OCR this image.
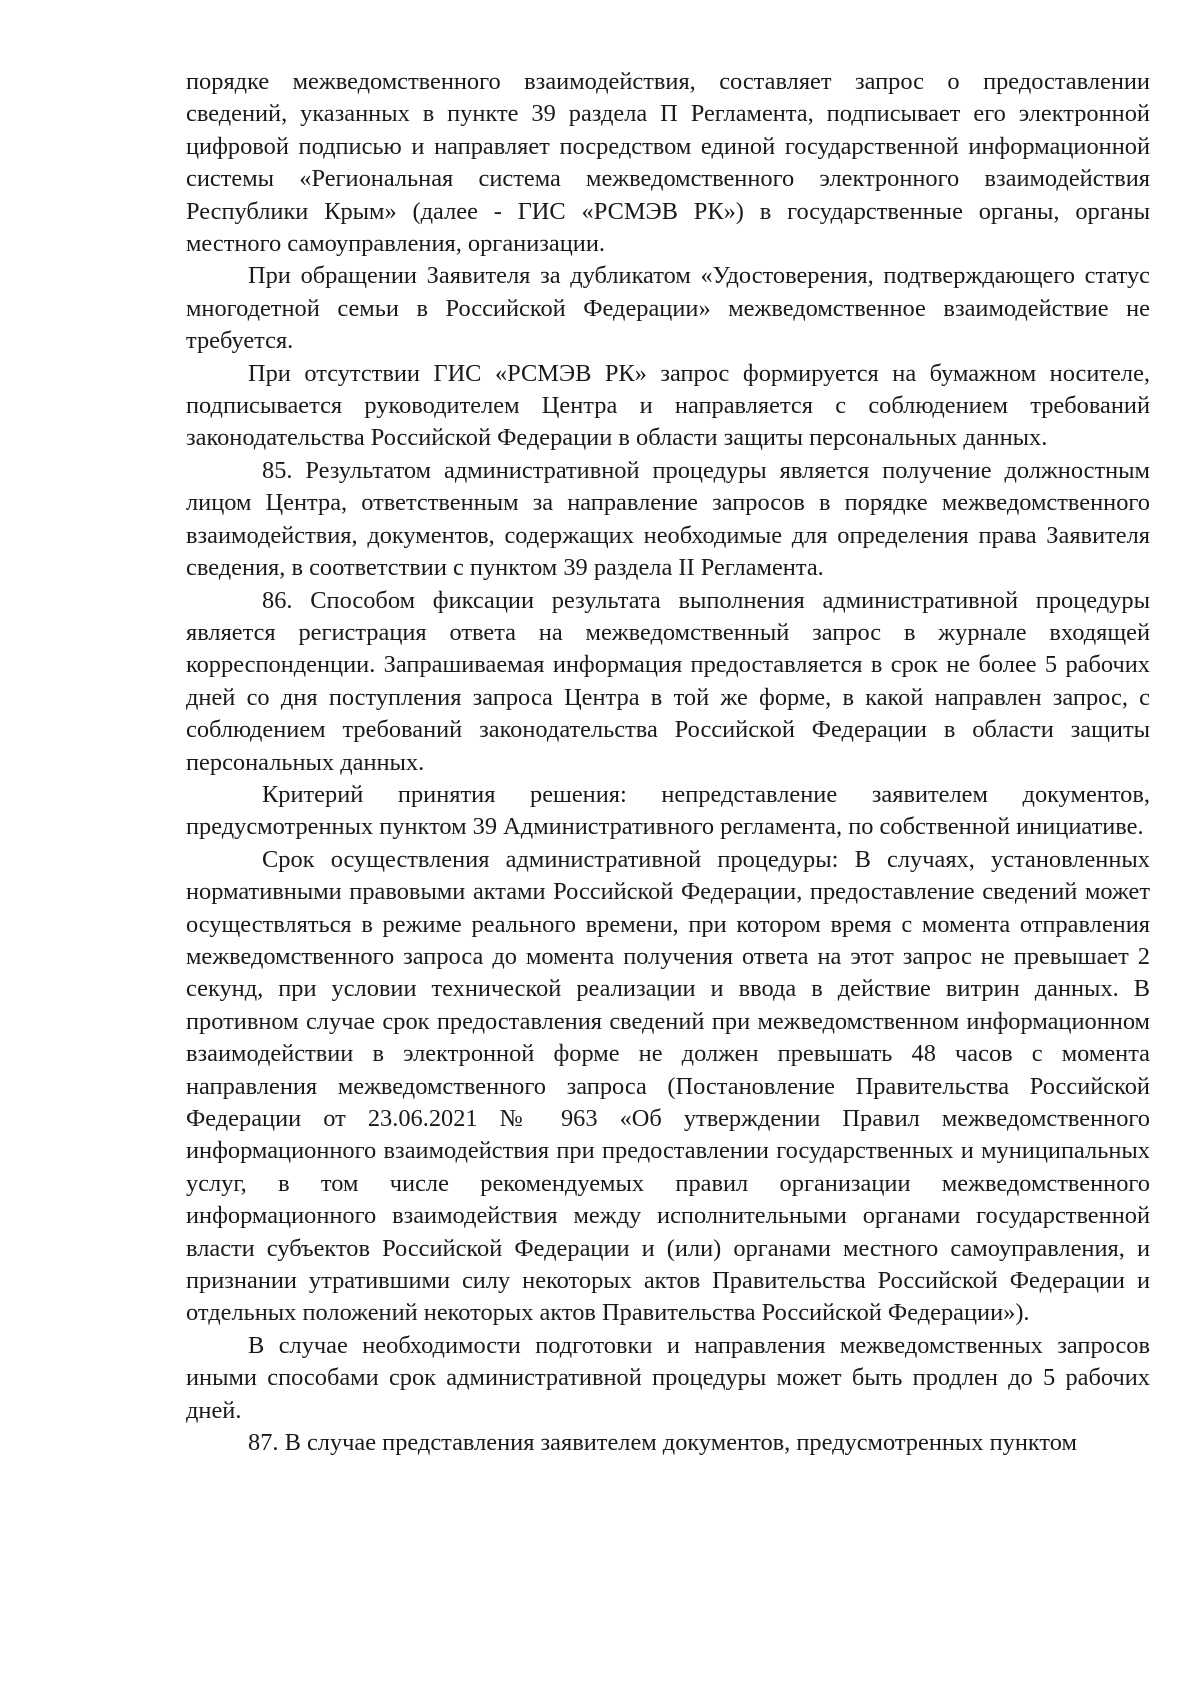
порядке межведомственного взаимодействия, составляет запрос о предоставлении сведений, указанных в пункте 39 раздела П Регламента, подписывает его электронной цифровой подписью и направляет посредством единой государственной информационной системы «Региональная система межведомственного электронного взаимодействия Республики Крым» (далее - ГИС «РСМЭВ РК») в государственные органы, органы местного самоуправления, организации.

При обращении Заявителя за дубликатом «Удостоверения, подтверждающего статус многодетной семьи в Российской Федерации» межведомственное взаимодействие не требуется.

При отсутствии ГИС «РСМЭВ РК» запрос формируется на бумажном носителе, подписывается руководителем Центра и направляется с соблюдением требований законодательства Российской Федерации в области защиты персональных данных.

85. Результатом административной процедуры является получение должностным лицом Центра, ответственным за направление запросов в порядке межведомственного взаимодействия, документов, содержащих необходимые для определения права Заявителя сведения, в соответствии с пунктом 39 раздела II Регламента.

86. Способом фиксации результата выполнения административной процедуры является регистрация ответа на межведомственный запрос в журнале входящей корреспонденции. Запрашиваемая информация предоставляется в срок не более 5 рабочих дней со дня поступления запроса Центра в той же форме, в какой направлен запрос, с соблюдением требований законодательства Российской Федерации в области защиты персональных данных.

Критерий принятия решения: непредставление заявителем документов, предусмотренных пунктом 39 Административного регламента, по собственной инициативе.

Срок осуществления административной процедуры: В случаях, установленных нормативными правовыми актами Российской Федерации, предоставление сведений может осуществляться в режиме реального времени, при котором время с момента отправления межведомственного запроса до момента получения ответа на этот запрос не превышает 2 секунд, при условии технической реализации и ввода в действие витрин данных. В противном случае срок предоставления сведений при межведомственном информационном взаимодействии в электронной форме не должен превышать 48 часов с момента направления межведомственного запроса (Постановление Правительства Российской Федерации от 23.06.2021 № 963 «Об утверждении Правил межведомственного информационного взаимодействия при предоставлении государственных и муниципальных услуг, в том числе рекомендуемых правил организации межведомственного информационного взаимодействия между исполнительными органами государственной власти субъектов Российской Федерации и (или) органами местного самоуправления, и признании утратившими силу некоторых актов Правительства Российской Федерации и отдельных положений некоторых актов Правительства Российской Федерации»).

В случае необходимости подготовки и направления межведомственных запросов иными способами срок административной процедуры может быть продлен до 5 рабочих дней.

87. В случае представления заявителем документов, предусмотренных пунктом
